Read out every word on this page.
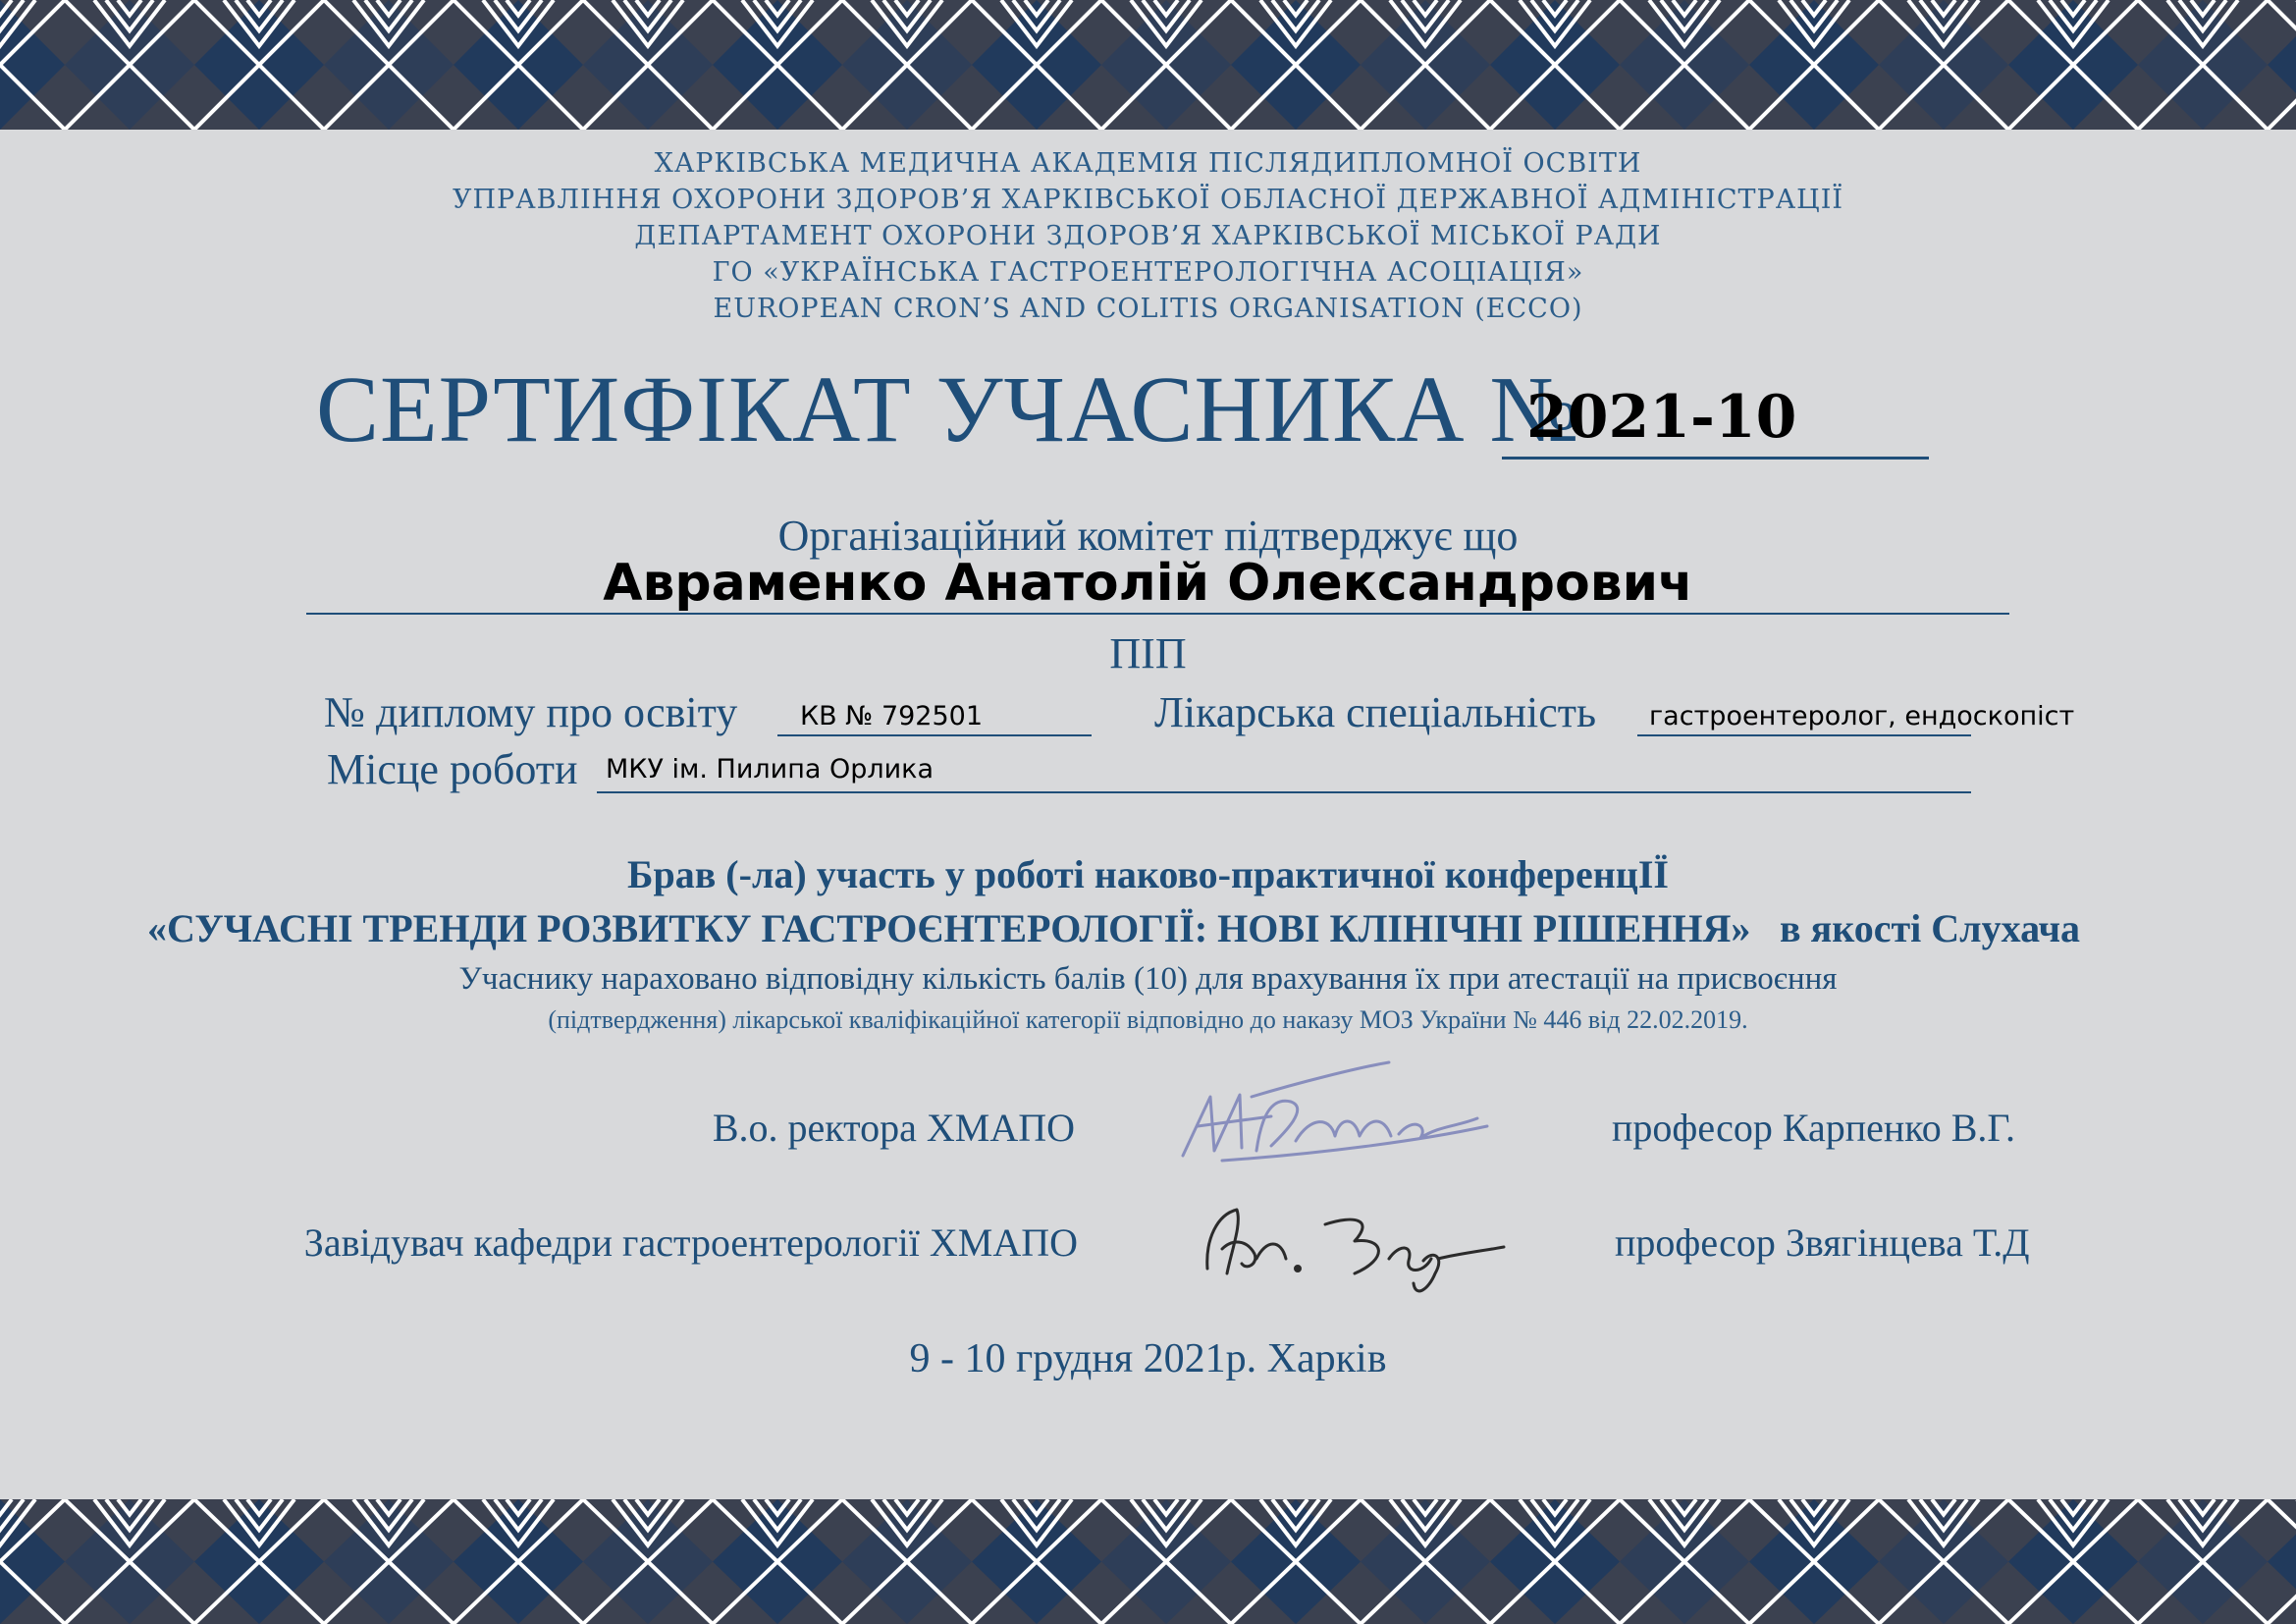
ХАРКІВСЬКА МЕДИЧНА АКАДЕМІЯ ПІСЛЯДИПЛОМНОЇ ОСВІТИ
УПРАВЛІННЯ ОХОРОНИ ЗДОРОВ’Я ХАРКІВСЬКОЇ ОБЛАСНОЇ ДЕРЖАВНОЇ АДМІНІСТРАЦІЇ
ДЕПАРТАМЕНТ ОХОРОНИ ЗДОРОВ’Я ХАРКІВСЬКОЇ МІСЬКОЇ РАДИ
ГО «УКРАЇНСЬКА ГАСТРОЕНТЕРОЛОГІЧНА АСОЦІАЦІЯ»
EUROPEAN CRON’S AND COLITIS ORGANISATION (ECCO)
СЕРТИФІКАТ УЧАСНИКА №
2021-10
Організаційний комітет підтверджує що
Авраменко Анатолій Олександрович
ПІП
№ диплому про освіту КВ № 792501	Лікарська спеціальність гастроентеролог, ендоскопіст
Місце роботи МКУ ім. Пилипа Орлика
Брав (-ла) участь у роботі наково-практичної конференцІЇ
«СУЧАСНІ ТРЕНДИ РОЗВИТКУ ГАСТРОЄНТЕРОЛОГІЇ: НОВІ КЛІНІЧНІ РІШЕННЯ» в якості Слухача
Учаснику нараховано відповідну кількість балів (10) для врахування їх при атестації на присвоєння
(підтвердження) лікарської кваліфікаційної категорії відповідно до наказу МОЗ України № 446 від 22.02.2019.
В.о. ректора ХМАПО	професор Карпенко В.Г.
Завідувач кафедри гастроентерології ХМАПО	професор Звягінцева Т.Д
9 - 10 грудня 2021р. Харків
